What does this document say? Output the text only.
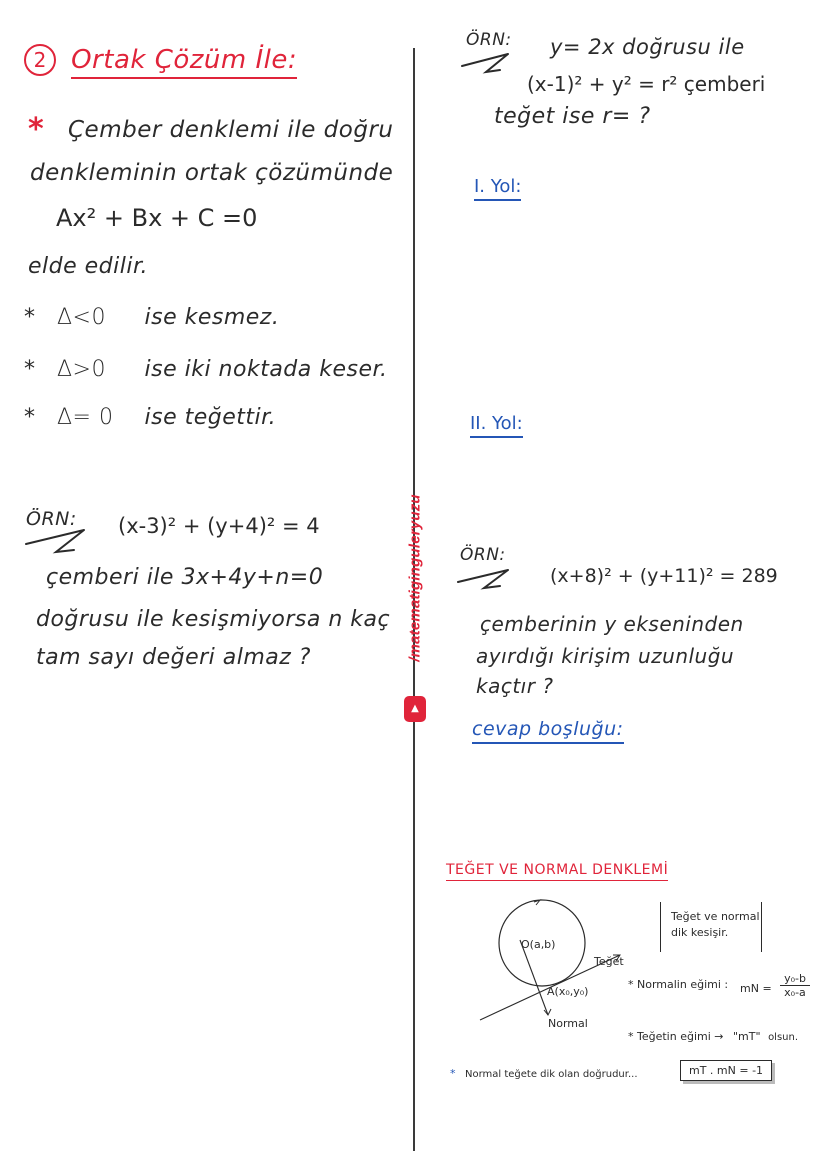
2 Ortak Çözüm İle:
* Çember denklemi ile doğru
denkleminin ortak çözümünde
Ax² + Bx + C =0
elde edilir.
* Δ<0 ise kesmez.
* Δ>0 ise iki noktada keser.
* Δ= 0 ise teğettir.
ÖRN: (x-3)² + (y+4)² = 4
çemberi ile 3x+4y+n=0
doğrusu ile kesişmiyorsa n kaç
tam sayı değeri almaz ?	/matematiginguleryuzu
▲
ÖRN: y= 2x doğrusu ile
(x-1)² + y² = r² çemberi
teğet ise r= ?
I. Yol:
II. Yol:
ÖRN:
(x+8)² + (y+11)² = 289
çemberinin y ekseninden
ayırdığı kirişim uzunluğu
kaçtır ?
cevap boşluğu:
TEĞET VE NORMAL DENKLEMİ
O(a,b)
A(x₀,y₀)
Teğet
Normal
Teğet ve normal
dik kesişir.
* Normalin eğimi : mN = $\frac{\text{y₀-b}}{\text{x₀-a}}$
* Teğetin eğimi → "mT" olsun.
* Normal teğete dik olan doğrudur...	mT . mN = -1
